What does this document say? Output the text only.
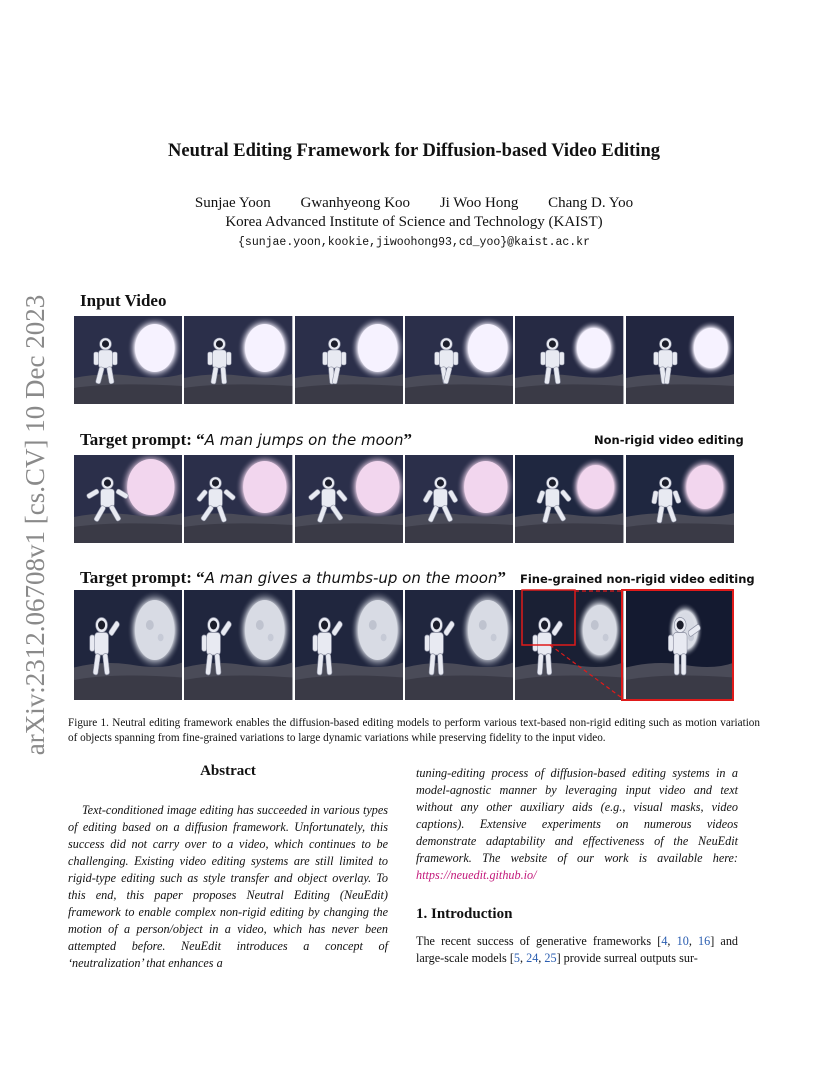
arXiv:2312.06708v1 [cs.CV] 10 Dec 2023
Neutral Editing Framework for Diffusion-based Video Editing
Sunjae Yoon Gwanhyeong Koo Ji Woo Hong Chang D. Yoo
Korea Advanced Institute of Science and Technology (KAIST)
{sunjae.yoon,kookie,jiwoohong93,cd_yoo}@kaist.ac.kr
Input Video
Target prompt: “A man jumps on the moon”	Non-rigid video editing
Target prompt: “A man gives a thumbs-up on the moon” Fine-grained non-rigid video editing
Figure 1. Neutral editing framework enables the diffusion-based editing models to perform various text-based non-rigid editing such as motion variation of objects spanning from fine-grained variations to large dynamic variations while preserving fidelity to the input video.
Abstract
Text-conditioned image editing has succeeded in various types of editing based on a diffusion framework. Unfortunately, this success did not carry over to a video, which continues to be challenging. Existing video editing systems are still limited to rigid-type editing such as style transfer and object overlay. To this end, this paper proposes Neutral Editing (NeuEdit) framework to enable complex non-rigid editing by changing the motion of a person/object in a video, which has never been attempted before. NeuEdit introduces a concept of ‘neutralization’ that enhances a
tuning-editing process of diffusion-based editing systems in a model-agnostic manner by leveraging input video and text without any other auxiliary aids (e.g., visual masks, video captions). Extensive experiments on numerous videos demonstrate adaptability and effectiveness of the NeuEdit framework. The website of our work is available here: https://neuedit.github.io/
1. Introduction
The recent success of generative frameworks [4, 10, 16] and large-scale models [5, 24, 25] provide surreal outputs sur-
